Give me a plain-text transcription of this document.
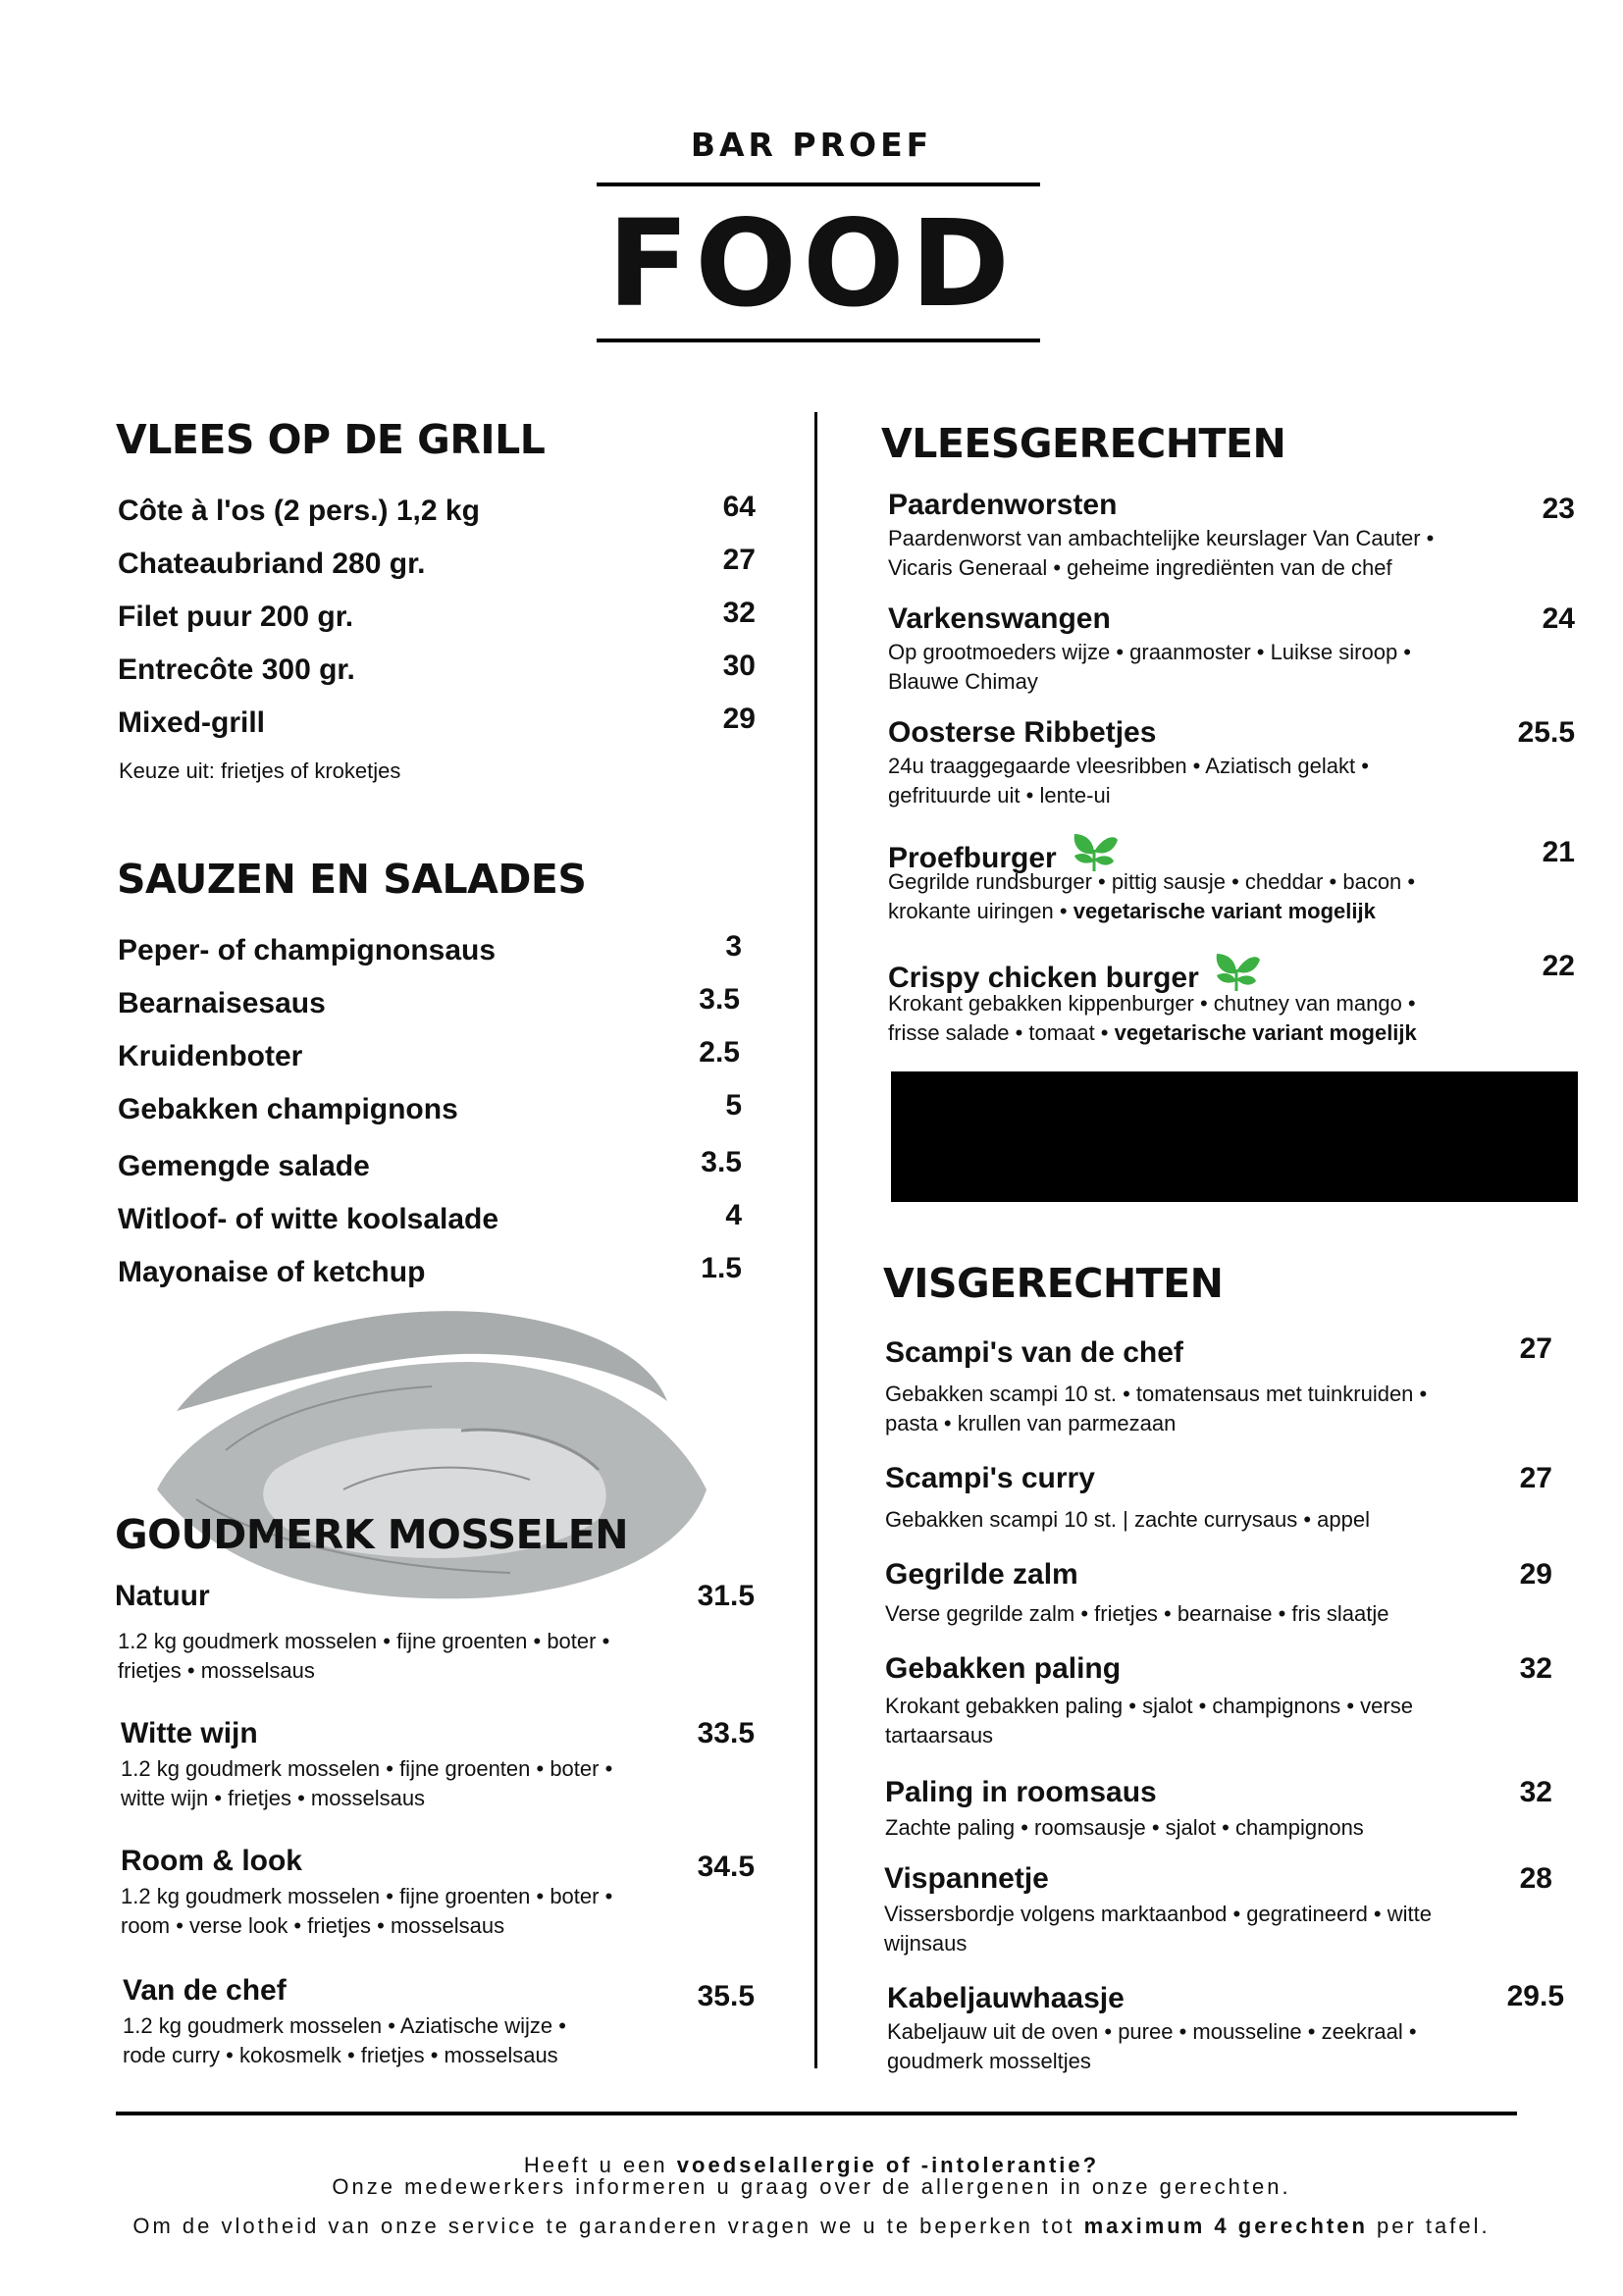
BAR PROEF
FOOD
VLEES OP DE GRILL
Côte à l'os (2 pers.) 1,2 kg	64
Chateaubriand 280 gr.	27
Filet puur 200 gr.	32
Entrecôte 300 gr.	30
Mixed-grill	29
Keuze uit: frietjes of kroketjes
SAUZEN EN SALADES
Peper- of champignonsaus	3
Bearnaisesaus	3.5
Kruidenboter	2.5
Gebakken champignons	5
Gemengde salade	3.5
Witloof- of witte koolsalade	4
Mayonaise of ketchup	1.5
GOUDMERK MOSSELEN
Natuur	31.5
1.2 kg goudmerk mosselen • fijne groenten • boter •
frietjes • mosselsaus
Witte wijn	33.5
1.2 kg goudmerk mosselen • fijne groenten • boter •
witte wijn • frietjes • mosselsaus
Room & look	34.5
1.2 kg goudmerk mosselen • fijne groenten • boter •
room • verse look • frietjes • mosselsaus
Van de chef	35.5
1.2 kg goudmerk mosselen • Aziatische wijze •
rode curry • kokosmelk • frietjes • mosselsaus
VLEESGERECHTEN
Paardenworsten	23
Paardenworst van ambachtelijke keurslager Van Cauter •
Vicaris Generaal • geheime ingrediënten van de chef
Varkenswangen	24
Op grootmoeders wijze • graanmoster • Luikse siroop •
Blauwe Chimay
Oosterse Ribbetjes	25.5
24u traaggegaarde vleesribben • Aziatisch gelakt •
gefrituurde uit • lente-ui
Proefburger	21
Gegrilde rundsburger • pittig sausje • cheddar • bacon •
krokante uiringen • vegetarische variant mogelijk
Crispy chicken burger	22
Krokant gebakken kippenburger • chutney van mango •
frisse salade • tomaat • vegetarische variant mogelijk
VISGERECHTEN
Scampi's van de chef	27
Gebakken scampi 10 st. • tomatensaus met tuinkruiden •
pasta • krullen van parmezaan
Scampi's curry	27
Gebakken scampi 10 st. | zachte currysaus • appel
Gegrilde zalm	29
Verse gegrilde zalm • frietjes • bearnaise • fris slaatje
Gebakken paling	32
Krokant gebakken paling • sjalot • champignons • verse
tartaarsaus
Paling in roomsaus	32
Zachte paling • roomsausje • sjalot • champignons
Vispannetje	28
Vissersbordje volgens marktaanbod • gegratineerd • witte
wijnsaus
Kabeljauwhaasje	29.5
Kabeljauw uit de oven • puree • mousseline • zeekraal •
goudmerk mosseltjes
Heeft u een voedselallergie of -intolerantie?
Onze medewerkers informeren u graag over de allergenen in onze gerechten.
Om de vlotheid van onze service te garanderen vragen we u te beperken tot maximum 4 gerechten per tafel.
